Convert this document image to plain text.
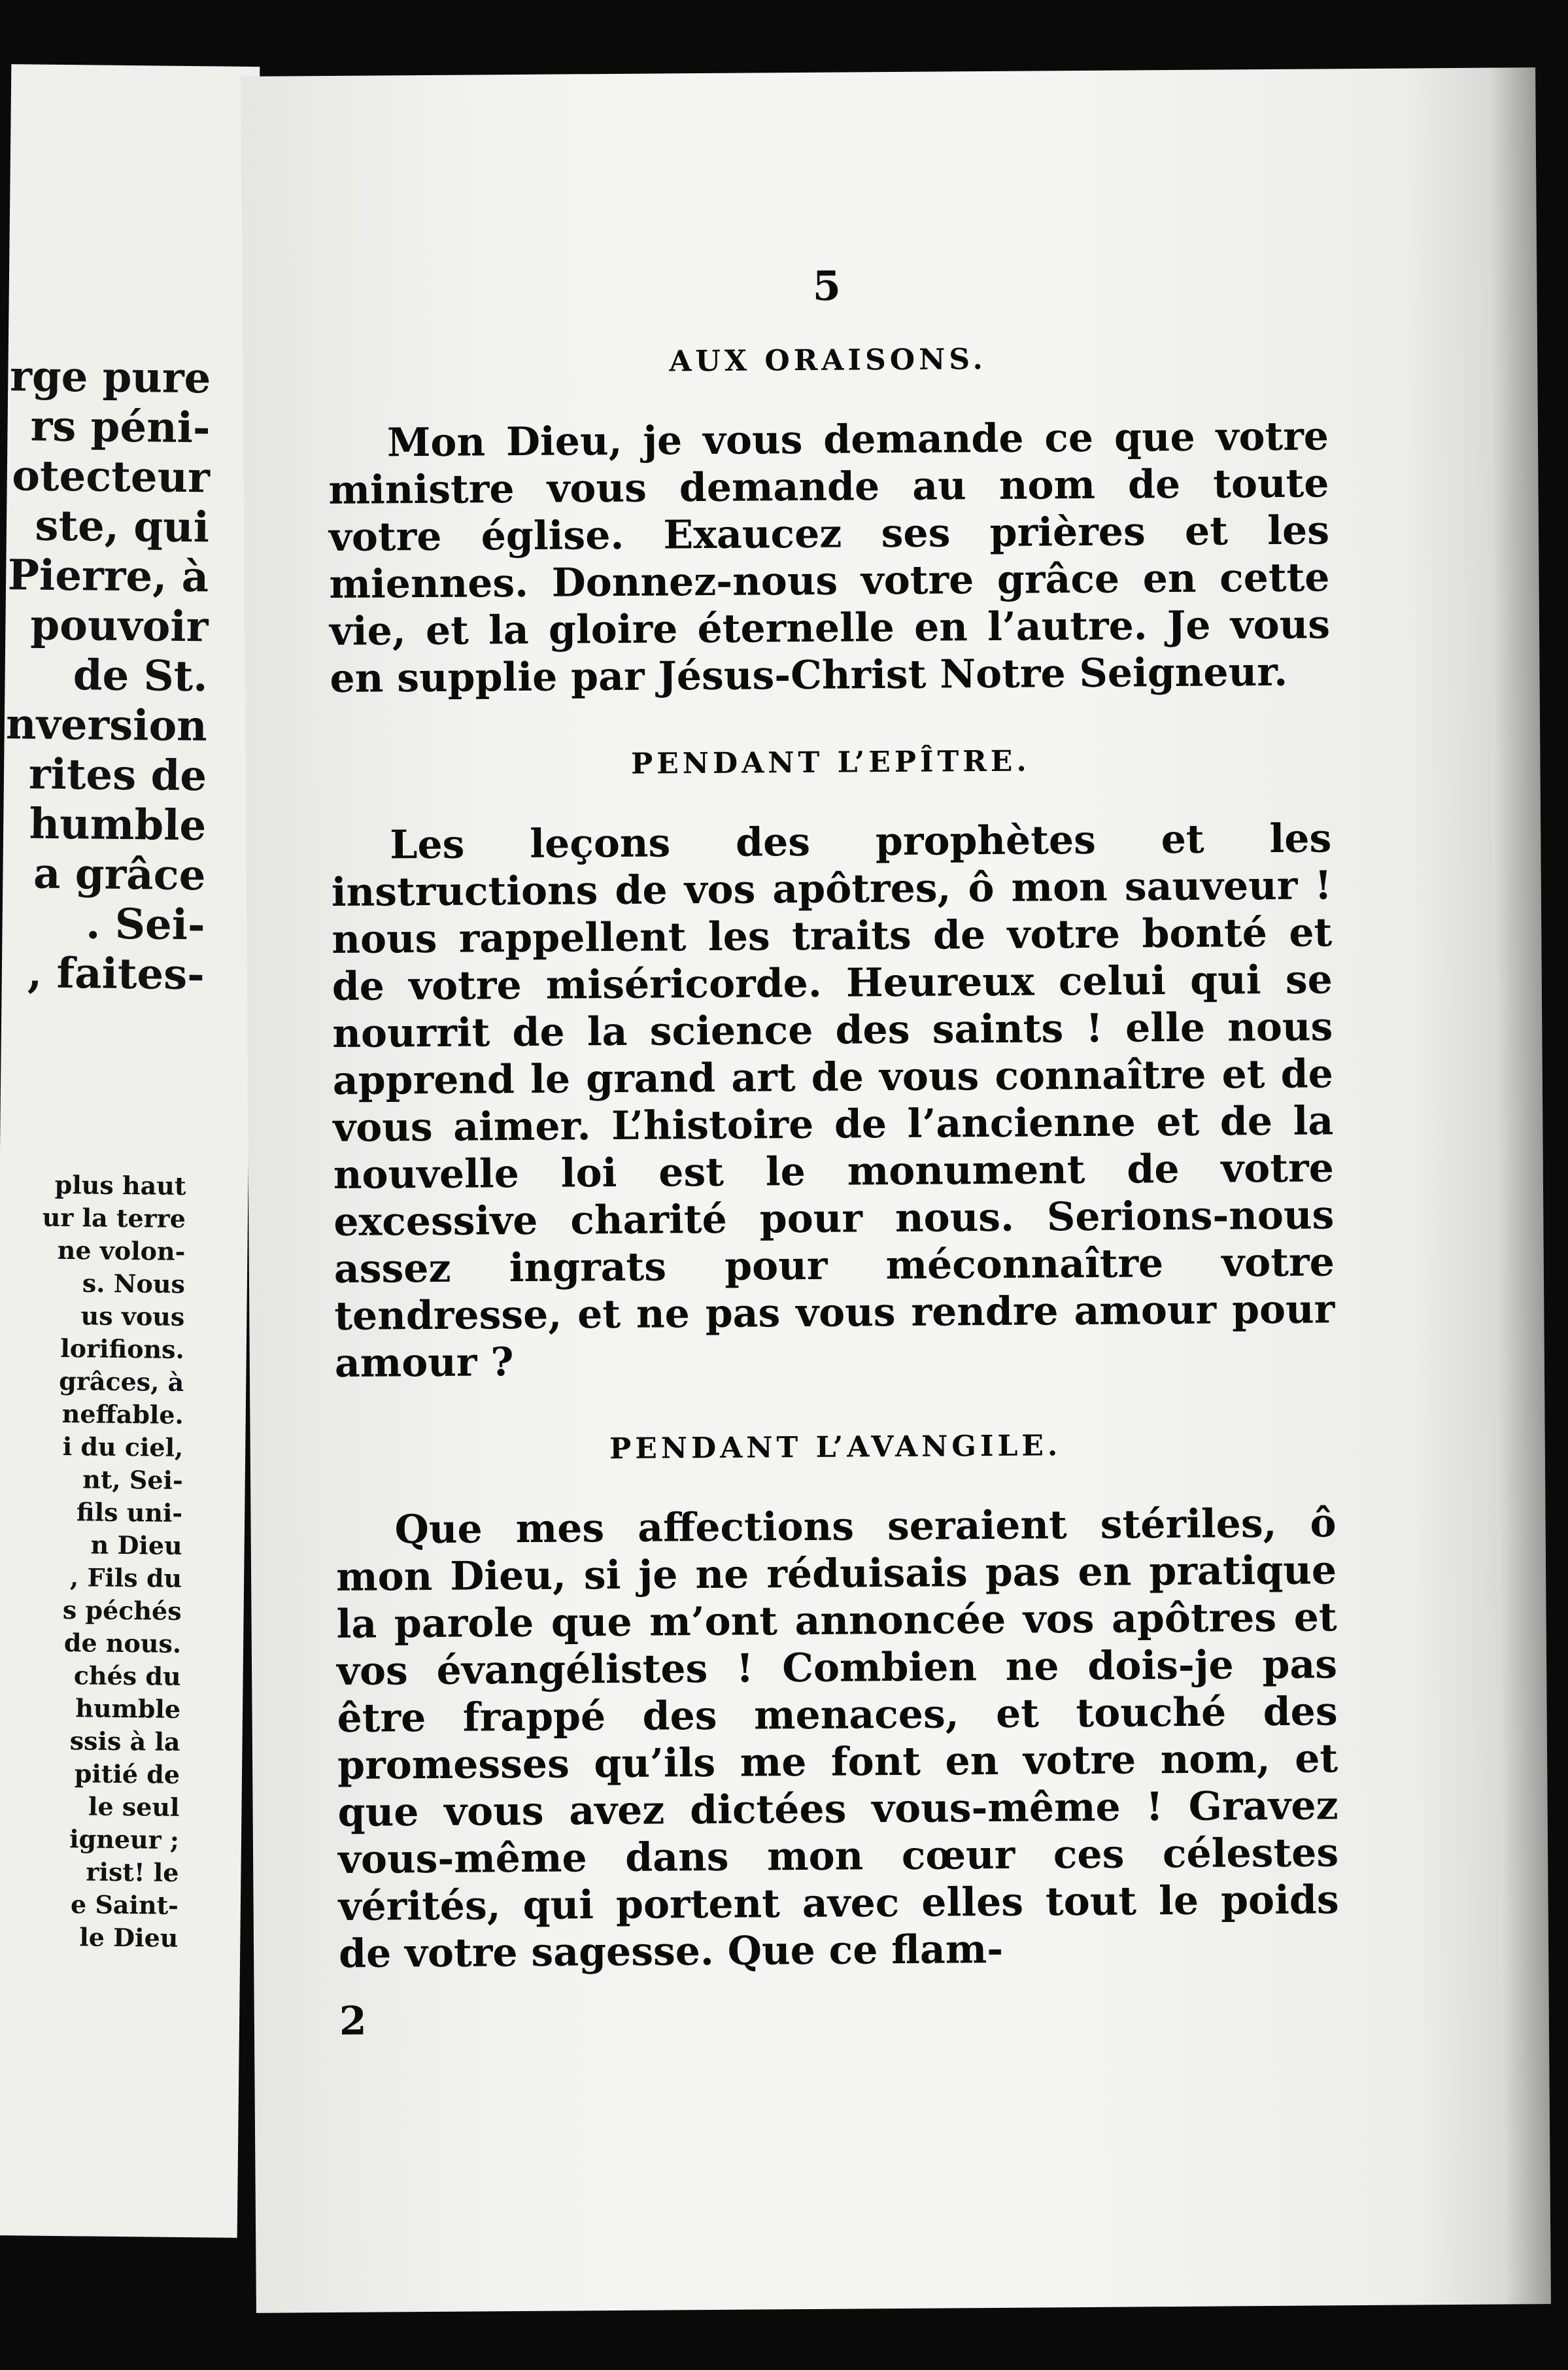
rge pure

rs péni-

otecteur

ste, qui

Pierre, à

pouvoir

de St.

nversion

rites de

humble

a grâce

. Sei-

, faites-

plus haut

ur la terre

ne volon-

s. Nous

us vous

lorifions.

grâces, à

neffable.

i du ciel,

nt, Sei-

fils uni-

n Dieu

, Fils du

s péchés

de nous.

chés du

humble

ssis à la

pitié de

le seul

igneur ;

rist! le

e Saint-

le Dieu

5

AUX ORAISONS.

Mon Dieu, je vous demande ce que votre ministre vous demande au nom de toute votre église. Exaucez ses prières et les miennes. Donnez-nous votre grâce en cette vie, et la gloire éternelle en l’autre. Je vous en supplie par Jésus-Christ Notre Seigneur.

PENDANT L’EPÎTRE.

Les leçons des prophètes et les instructions de vos apôtres, ô mon sauveur ! nous rappellent les traits de votre bonté et de votre miséricorde. Heureux celui qui se nourrit de la science des saints ! elle nous apprend le grand art de vous connaître et de vous aimer. L’histoire de l’ancienne et de la nouvelle loi est le monument de votre excessive charité pour nous. Serions-nous assez ingrats pour méconnaître votre tendresse, et ne pas vous rendre amour pour amour ?

PENDANT L’AVANGILE.

Que mes affections seraient stériles, ô mon Dieu, si je ne réduisais pas en pratique la parole que m’ont annoncée vos apôtres et vos évangélistes ! Combien ne dois-je pas être frappé des menaces, et touché des promesses qu’ils me font en votre nom, et que vous avez dictées vous-même ! Gravez vous-même dans mon cœur ces célestes vérités, qui portent avec elles tout le poids de votre sagesse. Que ce flam-

2
